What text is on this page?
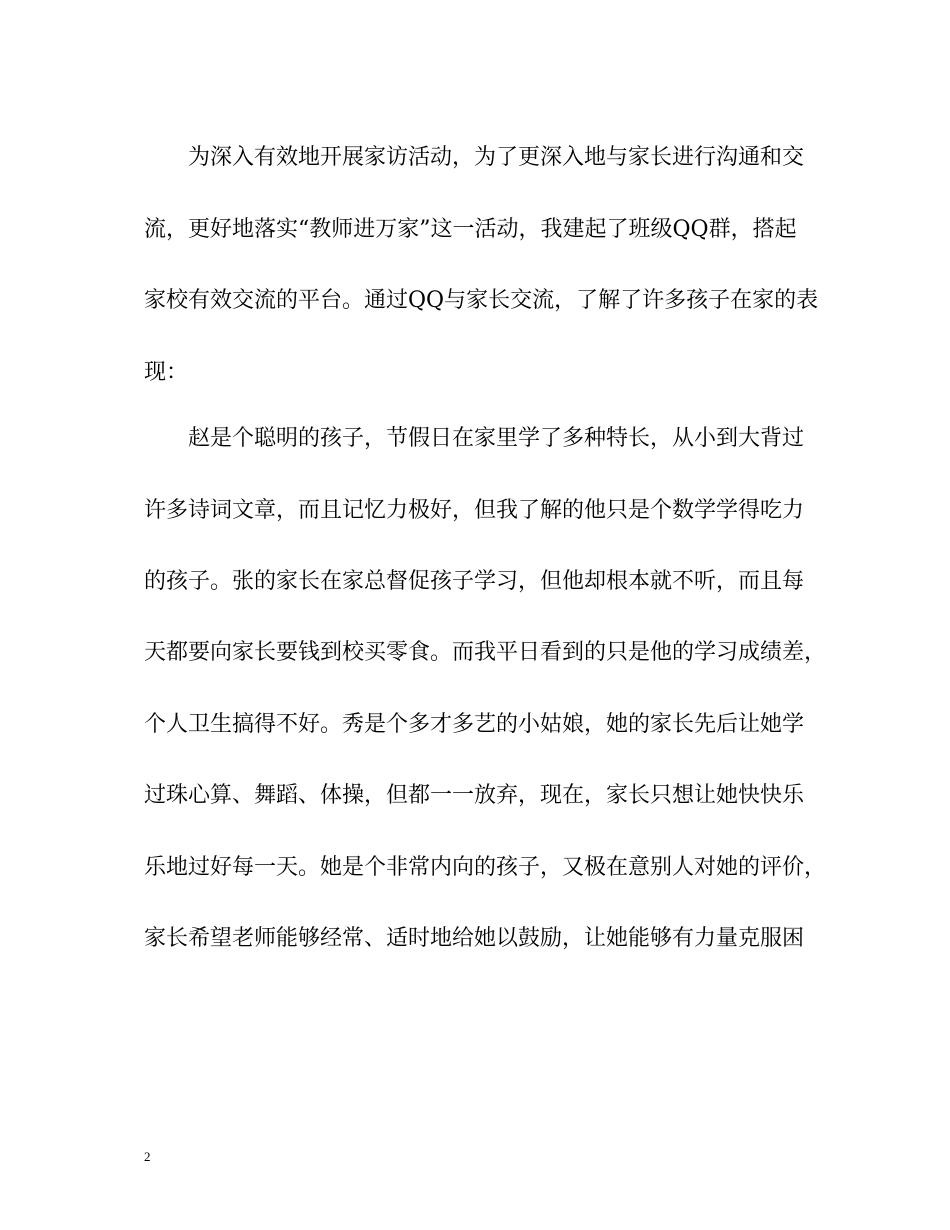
为深入有效地开展家访活动，为了更深入地与家长进行沟通和交
流，更好地落实“教师进万家”这一活动，我建起了班级QQ群，搭起
家校有效交流的平台。通过QQ与家长交流，了解了许多孩子在家的表
现：
赵是个聪明的孩子，节假日在家里学了多种特长，从小到大背过
许多诗词文章，而且记忆力极好，但我了解的他只是个数学学得吃力
的孩子。张的家长在家总督促孩子学习，但他却根本就不听，而且每
天都要向家长要钱到校买零食。而我平日看到的只是他的学习成绩差，
个人卫生搞得不好。秀是个多才多艺的小姑娘，她的家长先后让她学
过珠心算、舞蹈、体操，但都一一放弃，现在，家长只想让她快快乐
乐地过好每一天。她是个非常内向的孩子，又极在意别人对她的评价，
家长希望老师能够经常、适时地给她以鼓励，让她能够有力量克服困
2
